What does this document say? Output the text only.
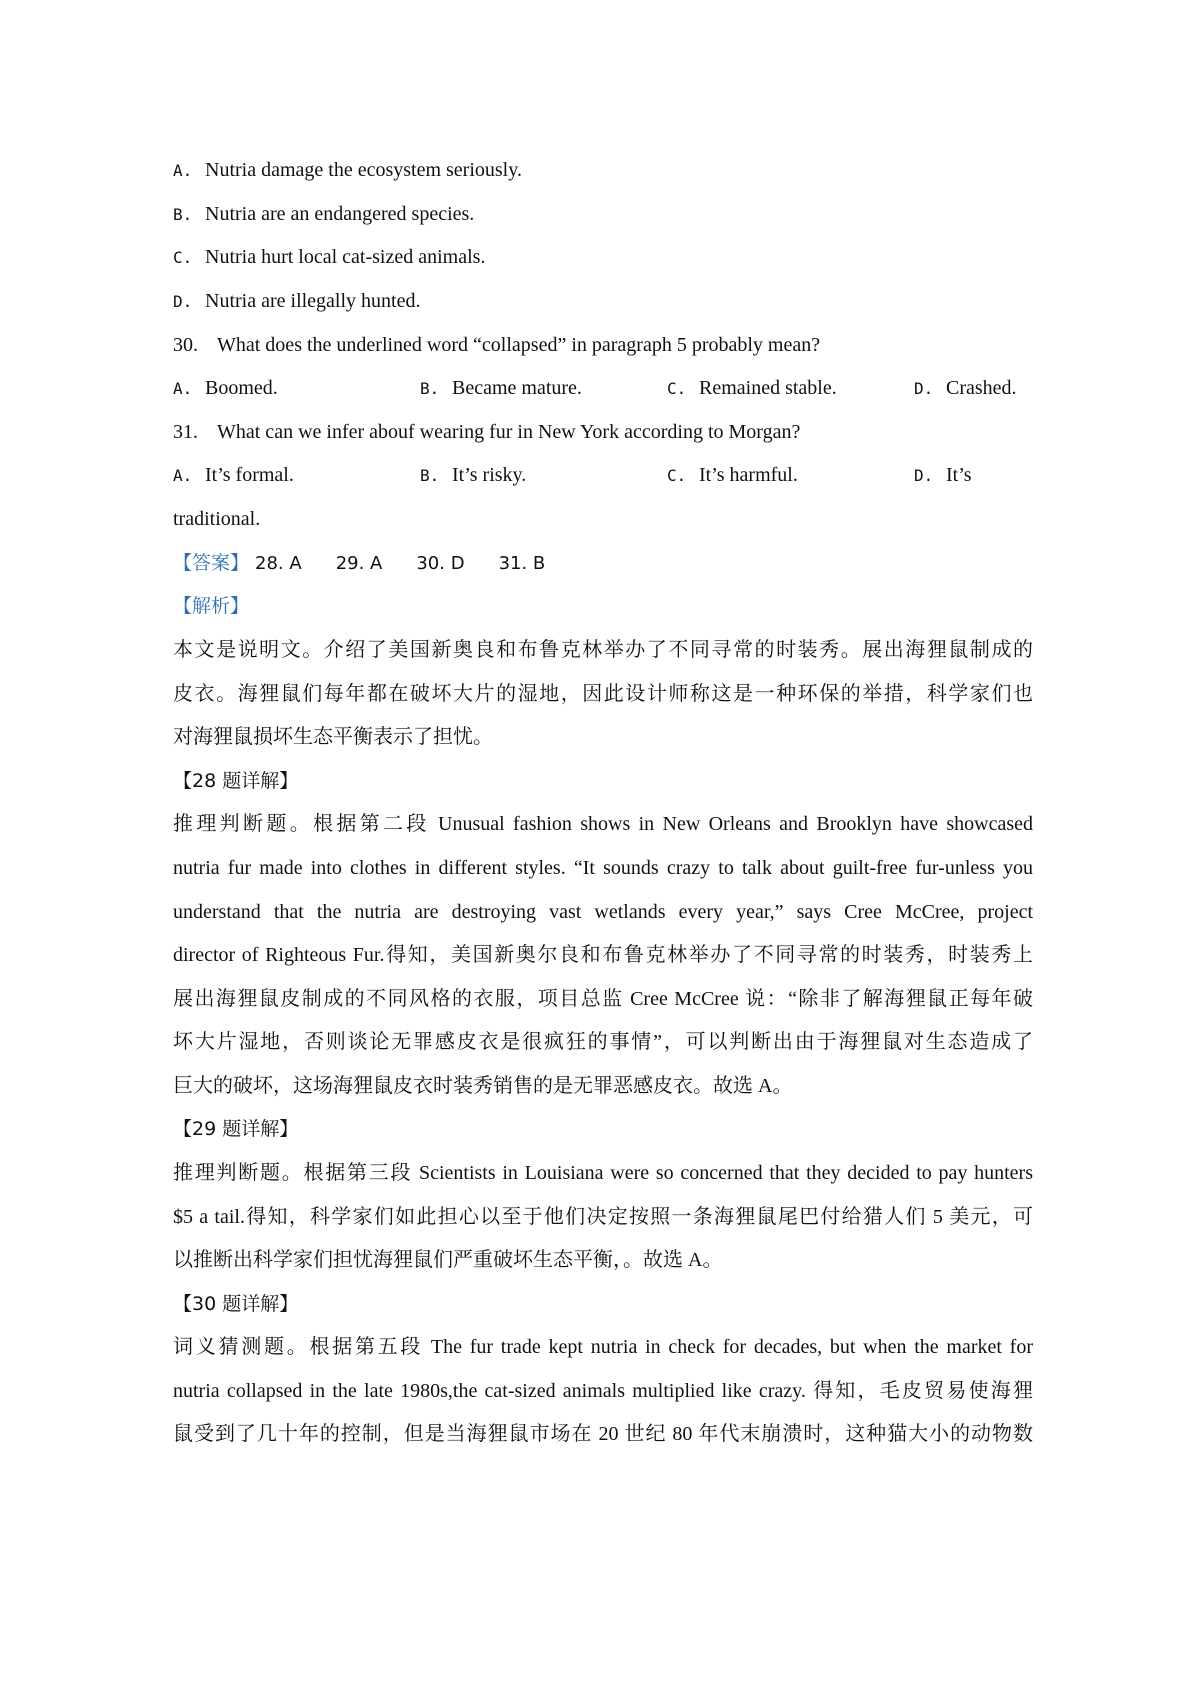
A. Nutria damage the ecosystem seriously.
B. Nutria are an endangered species.
C. Nutria hurt local cat-sized animals.
D. Nutria are illegally hunted.
30. What does the underlined word “collapsed” in paragraph 5 probably mean?
A. Boomed.	B. Became mature.	C. Remained stable.	D. Crashed.
31. What can we infer abouf wearing fur in New York according to Morgan?
A. It’s formal.	B. It’s risky.	C. It’s harmful.	D. It’s
traditional.
【答案】 28. A 29. A 30. D 31. B
【解析】
本文是说明文。介绍了美国新奥良和布鲁克林举办了不同寻常的时装秀。展出海狸鼠制成的
皮衣。海狸鼠们每年都在破坏大片的湿地，因此设计师称这是一种环保的举措，科学家们也
对海狸鼠损坏生态平衡表示了担忧。
【28 题详解】
推理判断题。根据第二段 Unusual fashion shows in New Orleans and Brooklyn have showcased
nutria fur made into clothes in different styles. “It sounds crazy to talk about guilt-free fur-unless you
understand that the nutria are destroying vast wetlands every year,” says Cree McCree, project
director of Righteous Fur.得知，美国新奥尔良和布鲁克林举办了不同寻常的时装秀，时装秀上
展出海狸鼠皮制成的不同风格的衣服，项目总监 Cree McCree 说：“除非了解海狸鼠正每年破
坏大片湿地，否则谈论无罪感皮衣是很疯狂的事情”，可以判断出由于海狸鼠对生态造成了
巨大的破坏，这场海狸鼠皮衣时装秀销售的是无罪恶感皮衣。故选 A。
【29 题详解】
推理判断题。根据第三段 Scientists in Louisiana were so concerned that they decided to pay hunters
$5 a tail.得知，科学家们如此担心以至于他们决定按照一条海狸鼠尾巴付给猎人们 5 美元，可
以推断出科学家们担忧海狸鼠们严重破坏生态平衡，。故选 A。
【30 题详解】
词义猜测题。根据第五段 The fur trade kept nutria in check for decades, but when the market for
nutria collapsed in the late 1980s,the cat-sized animals multiplied like crazy. 得知，毛皮贸易使海狸
鼠受到了几十年的控制，但是当海狸鼠市场在 20 世纪 80 年代末崩溃时，这种猫大小的动物数
